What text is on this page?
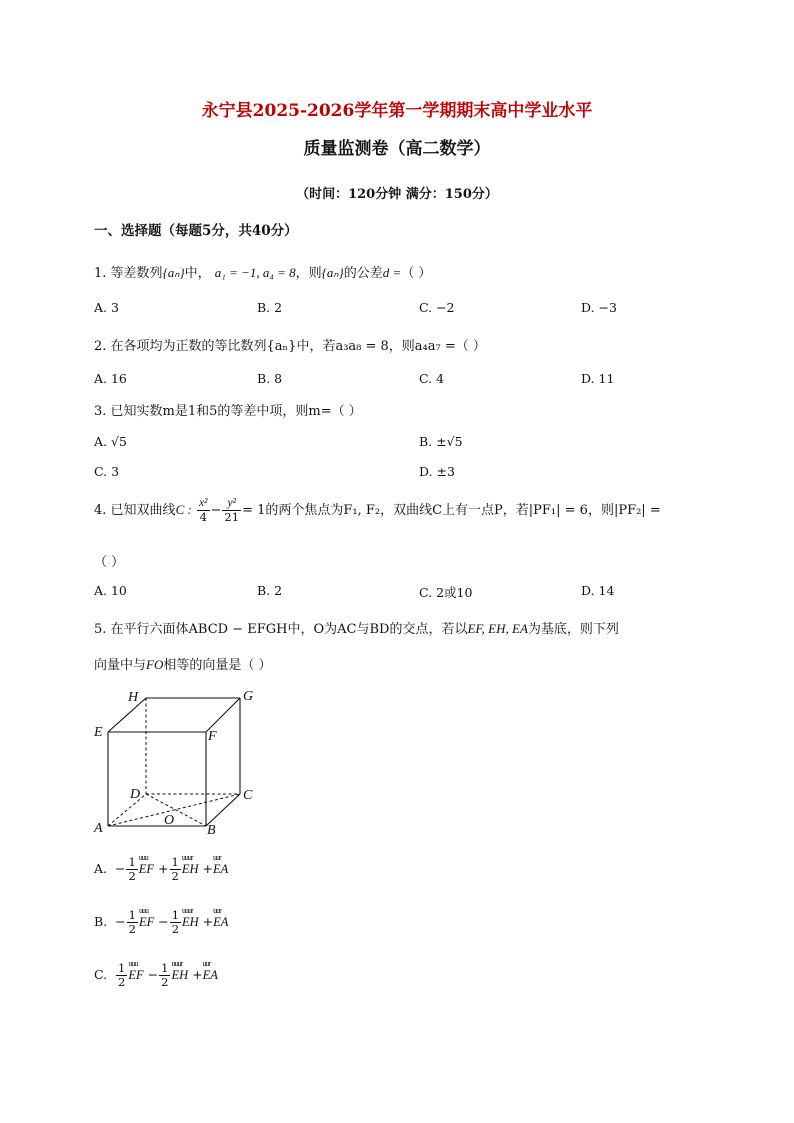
永宁县2025-2026学年第一学期期末高中学业水平
质量监测卷（高二数学）
（时间：120分钟 满分：150分）
一、选择题（每题5分，共40分）
1. 等差数列{aₙ}中， a₁ = −1, a₄ = 8，则{aₙ}的公差d =（ ）
A. 3	B. 2	C. −2	D. −3
2. 在各项均为正数的等比数列{aₙ}中，若a₃a₈ = 8，则a₄a₇ =（ ）
A. 16	B. 8	C. 4	D. 11
3. 已知实数m是1和5的等差中项，则m=（ ）
A. √5	B. ±√5
C. 3	D. ±3
4. 已知双曲线C : $\frac{\text{x²}}{4} - \frac{\text{y²}}{21} = 1$的两个焦点为F₁, F₂，双曲线C上有一点P，若|PF₁| = 6，则|PF₂| =
（ ）
A. 10	B. 2	C. 2或10	D. 14
5. 在平行六面体ABCD − EFGH中，O为AC与BD的交点，若以EF, EH, EA为基底，则下列
向量中与FO相等的向量是（ ）
H	G
E	F
D	C
A
O
B
A. − $\frac{1}{2}$ uuu EF + $\frac{1}{2}$ uuur EH +uur EA
B. − $\frac{1}{2}$ uuu EF − $\frac{1}{2}$ uuur EH +uur EA
C. $\frac{1}{2}$ uuu EF − $\frac{1}{2}$ uuur EH +uur EA
